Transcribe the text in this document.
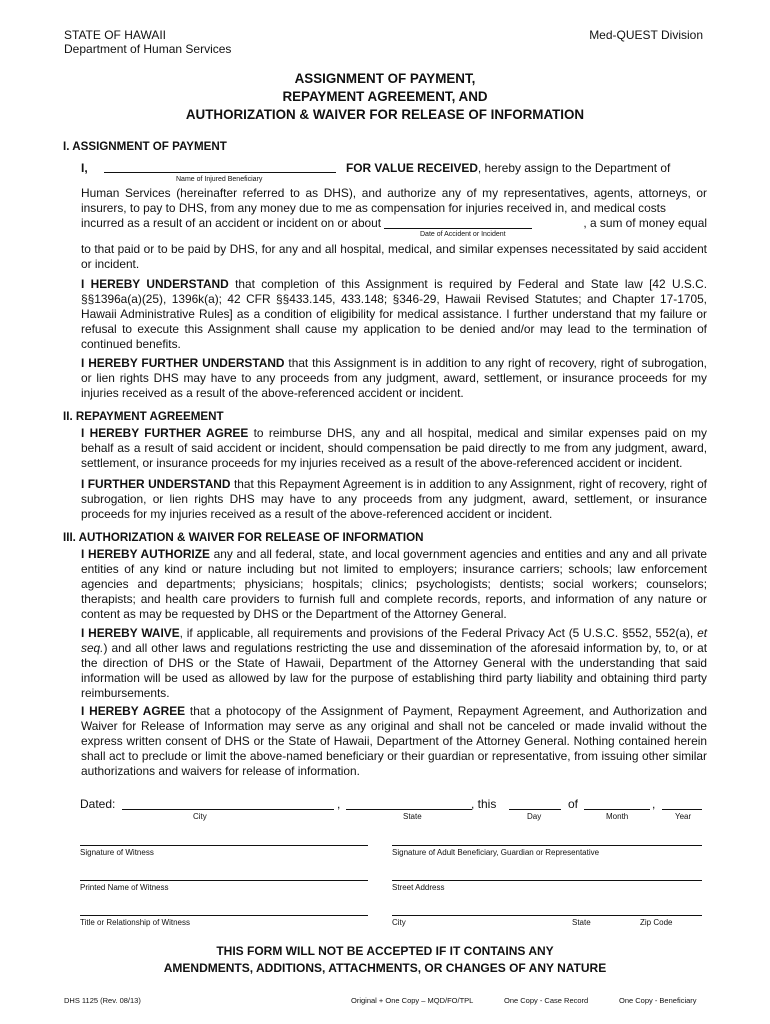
STATE OF HAWAII
Department of Human Services
Med-QUEST Division
ASSIGNMENT OF PAYMENT,
REPAYMENT AGREEMENT, AND
AUTHORIZATION & WAIVER FOR RELEASE OF INFORMATION
I. ASSIGNMENT OF PAYMENT
I,
Name of Injured Beneficiary
FOR VALUE RECEIVED, hereby assign to the Department of
Human Services (hereinafter referred to as DHS), and authorize any of my representatives, agents, attorneys, or insurers, to pay to DHS, from any money due to me as compensation for injuries received in, and medical costs
incurred as a result of an accident or incident on or about	, a sum of money equal
Date of Accident or Incident
to that paid or to be paid by DHS, for any and all hospital, medical, and similar expenses necessitated by said accident or incident.
I HEREBY UNDERSTAND that completion of this Assignment is required by Federal and State law [42 U.S.C. §§1396a(a)(25), 1396k(a); 42 CFR §§433.145, 433.148; §346-29, Hawaii Revised Statutes; and Chapter 17-1705, Hawaii Administrative Rules] as a condition of eligibility for medical assistance. I further understand that my failure or refusal to execute this Assignment shall cause my application to be denied and/or may lead to the termination of continued benefits.
I HEREBY FURTHER UNDERSTAND that this Assignment is in addition to any right of recovery, right of subrogation, or lien rights DHS may have to any proceeds from any judgment, award, settlement, or insurance proceeds for my injuries received as a result of the above-referenced accident or incident.
II. REPAYMENT AGREEMENT
I HEREBY FURTHER AGREE to reimburse DHS, any and all hospital, medical and similar expenses paid on my behalf as a result of said accident or incident, should compensation be paid directly to me from any judgment, award, settlement, or insurance proceeds for my injuries received as a result of the above-referenced accident or incident.
I FURTHER UNDERSTAND that this Repayment Agreement is in addition to any Assignment, right of recovery, right of subrogation, or lien rights DHS may have to any proceeds from any judgment, award, settlement, or insurance proceeds for my injuries received as a result of the above-referenced accident or incident.
III. AUTHORIZATION & WAIVER FOR RELEASE OF INFORMATION
I HEREBY AUTHORIZE any and all federal, state, and local government agencies and entities and any and all private entities of any kind or nature including but not limited to employers; insurance carriers; schools; law enforcement agencies and departments; physicians; hospitals; clinics; psychologists; dentists; social workers; counselors; therapists; and health care providers to furnish full and complete records, reports, and information of any nature or content as may be requested by DHS or the Department of the Attorney General.
I HEREBY WAIVE, if applicable, all requirements and provisions of the Federal Privacy Act (5 U.S.C. §552, 552(a), et seq.) and all other laws and regulations restricting the use and dissemination of the aforesaid information by, to, or at the direction of DHS or the State of Hawaii, Department of the Attorney General with the understanding that said information will be used as allowed by law for the purpose of establishing third party liability and obtaining third party reimbursements.
I HEREBY AGREE that a photocopy of the Assignment of Payment, Repayment Agreement, and Authorization and Waiver for Release of Information may serve as any original and shall not be canceled or made invalid without the express written consent of DHS or the State of Hawaii, Department of the Attorney General. Nothing contained herein shall act to preclude or limit the above-named beneficiary or their guardian or representative, from issuing other similar authorizations and waivers for release of information.
Dated:	,	, this	of	,
City	State	Day	Month	Year
Signature of Witness	Signature of Adult Beneficiary, Guardian or Representative
Printed Name of Witness	Street Address
Title or Relationship of Witness	City	State	Zip Code
THIS FORM WILL NOT BE ACCEPTED IF IT CONTAINS ANY
AMENDMENTS, ADDITIONS, ATTACHMENTS, OR CHANGES OF ANY NATURE
DHS 1125 (Rev. 08/13)	Original + One Copy – MQD/FO/TPL	One Copy - Case Record	One Copy - Beneficiary
